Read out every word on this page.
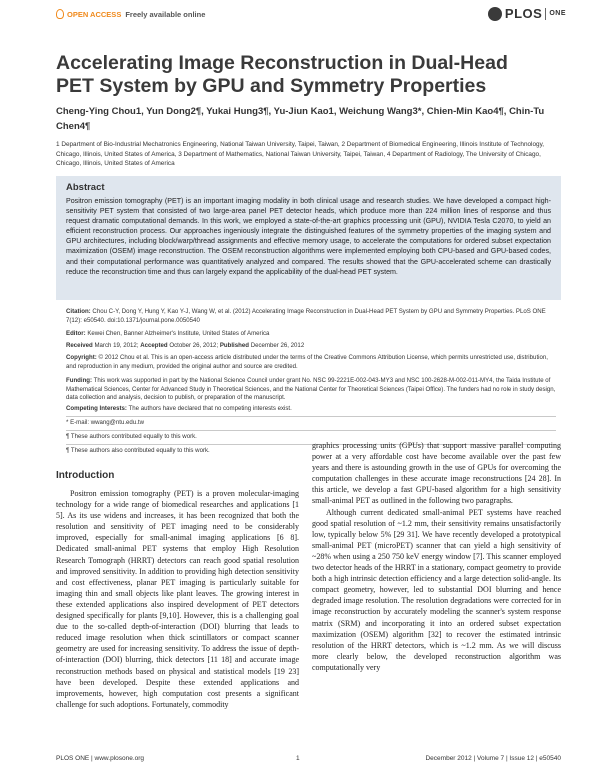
OPEN ACCESS Freely available online	PLOS ONE
Accelerating Image Reconstruction in Dual-Head PET System by GPU and Symmetry Properties
Cheng-Ying Chou1, Yun Dong2¶, Yukai Hung3¶, Yu-Jiun Kao1, Weichung Wang3*, Chien-Min Kao4¶, Chin-Tu Chen4¶
1 Department of Bio-Industrial Mechatronics Engineering, National Taiwan University, Taipei, Taiwan, 2 Department of Biomedical Engineering, Illinois Institute of Technology, Chicago, Illinois, United States of America, 3 Department of Mathematics, National Taiwan University, Taipei, Taiwan, 4 Department of Radiology, The University of Chicago, Chicago, Illinois, United States of America
Abstract
Positron emission tomography (PET) is an important imaging modality in both clinical usage and research studies. We have developed a compact high-sensitivity PET system that consisted of two large-area panel PET detector heads, which produce more than 224 million lines of response and thus request dramatic computational demands. In this work, we employed a state-of-the-art graphics processing unit (GPU), NVIDIA Tesla C2070, to yield an efficient reconstruction process. Our approaches ingeniously integrate the distinguished features of the symmetry properties of the imaging system and GPU architectures, including block/warp/thread assignments and effective memory usage, to accelerate the computations for ordered subset expectation maximization (OSEM) image reconstruction. The OSEM reconstruction algorithms were implemented employing both CPU-based and GPU-based codes, and their computational performance was quantitatively analyzed and compared. The results showed that the GPU-accelerated scheme can drastically reduce the reconstruction time and thus can largely expand the applicability of the dual-head PET system.
Citation: Chou C-Y, Dong Y, Hung Y, Kao Y-J, Wang W, et al. (2012) Accelerating Image Reconstruction in Dual-Head PET System by GPU and Symmetry Properties. PLoS ONE 7(12): e50540. doi:10.1371/journal.pone.0050540
Editor: Kewei Chen, Banner Alzheimer's Institute, United States of America
Received March 19, 2012; Accepted October 26, 2012; Published December 26, 2012
Copyright: © 2012 Chou et al. This is an open-access article distributed under the terms of the Creative Commons Attribution License, which permits unrestricted use, distribution, and reproduction in any medium, provided the original author and source are credited.
Funding: This work was supported in part by the National Science Council under grant No. NSC 99-2221E-002-043-MY3 and NSC 100-2628-M-002-011-MY4, the Taida Institute of Mathematical Sciences, Center for Advanced Study in Theoretical Sciences, and the National Center for Theoretical Sciences (Taipei Office). The funders had no role in study design, data collection and analysis, decision to publish, or preparation of the manuscript.
Competing Interests: The authors have declared that no competing interests exist.
* E-mail: wwang@ntu.edu.tw
¶ These authors contributed equally to this work.
¶ These authors also contributed equally to this work.
Introduction

Positron emission tomography (PET) is a proven molecular-imaging technology for a wide range of biomedical researches and applications [1 5]. As its use widens and increases, it has been recognized that both the resolution and sensitivity of PET imaging need to be considerably improved, especially for small-animal imaging applications [6 8]. Dedicated small-animal PET systems that employ High Resolution Research Tomograph (HRRT) detectors can reach good spatial resolution and improved sensitivity. In addition to providing high detection sensitivity and cost effectiveness, planar PET imaging is particularly suitable for imaging thin and small objects like plant leaves. The growing interest in these extended applications also inspired development of PET detectors designed specifically for plants [9,10]. However, this is a challenging goal due to the so-called depth-of-interaction (DOI) blurring that leads to reduced image resolution when thick scintillators or compact scanner geometry are used for increasing sensitivity. To address the issue of depth-of-interaction (DOI) blurring, thick detectors [11 18] and accurate image reconstruction methods based on physical and statistical models [19 23] have been developed. Despite these extended applications and improvements, however, high computation cost presents a significant challenge for such adoptions. Fortunately, commodity

graphics processing units (GPUs) that support massive parallel computing power at a very affordable cost have become available over the past few years and there is astounding growth in the use of GPUs for overcoming the computation challenges in these accurate image reconstructions [24 28]. In this article, we develop a fast GPU-based algorithm for a high sensitivity small-animal PET as outlined in the following two paragraphs.

Although current dedicated small-animal PET systems have reached good spatial resolution of ~1.2 mm, their sensitivity remains unsatisfactorily low, typically below 5% [29 31]. We have recently developed a prototypical small-animal PET (microPET) scanner that can yield a high sensitivity of ~28% when using a 250 750 keV energy window [7]. This scanner employed two detector heads of the HRRT in a stationary, compact geometry to provide both a high intrinsic detection efficiency and a large detection solid-angle. Its compact geometry, however, led to substantial DOI blurring and hence degraded image resolution. The resolution degradations were corrected for in image reconstruction by accurately modeling the scanner's system response matrix (SRM) and incorporating it into an ordered subset expectation maximization (OSEM) algorithm [32] to recover the estimated intrinsic resolution of the HRRT detectors, which is ~1.2 mm. As we will discuss more clearly below, the developed reconstruction algorithm was computationally very

PLOS ONE | www.plosone.org	1	December 2012 | Volume 7 | Issue 12 | e50540
